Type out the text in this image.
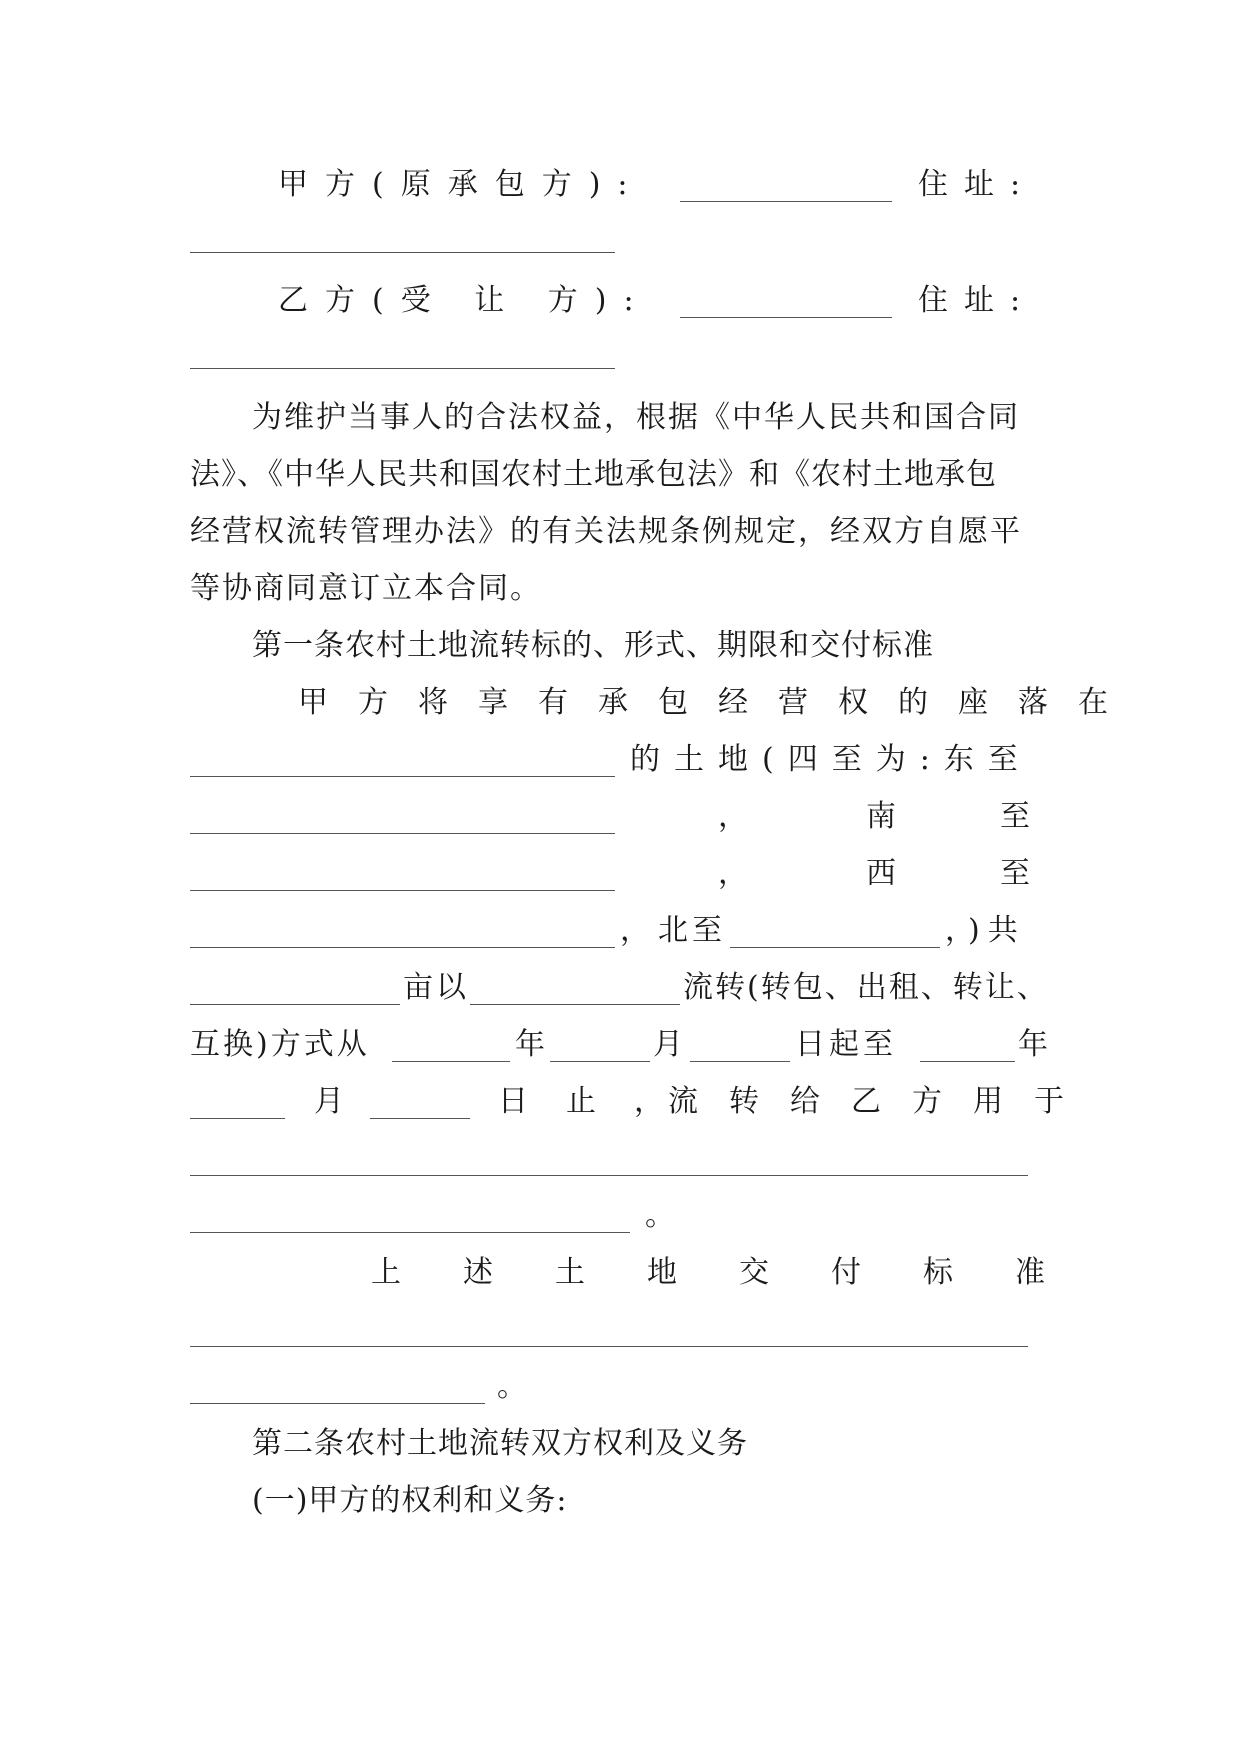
甲方(原承包方):	住址:
乙方(受 让 方):	住址:
为维护当事人的合法权益，根据《中华人民共和国合同
法》、《中华人民共和国农村土地承包法》和《农村土地承包
经营权流转管理办法》的有关法规条例规定，经双方自愿平
等协商同意订立本合同。
第一条农村土地流转标的、形式、期限和交付标准
甲方将享有承包经营权的座落在
的土地(四至为:东至
，	南	至
，	西	至
， 北至	，)共
亩以	流转(转包、出租、转让、
互换)方式从	年	月	日起至	年
月	日止，
流转给乙方用于
。
上述土地交付标准
。
第二条农村土地流转双方权利及义务
(一)甲方的权利和义务:
